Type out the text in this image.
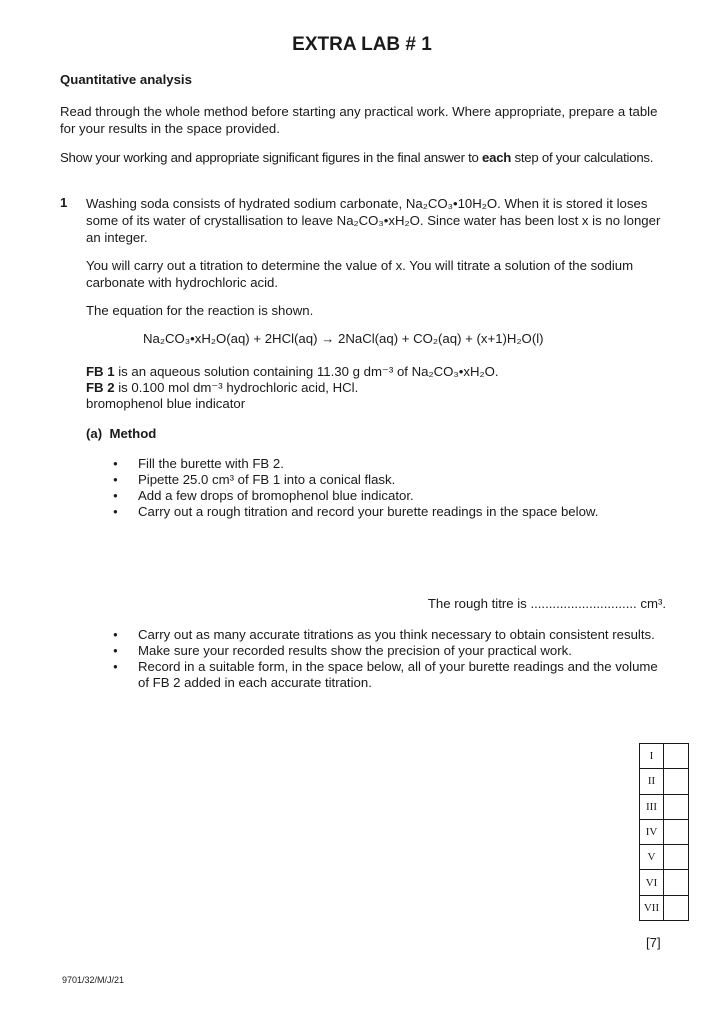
EXTRA LAB # 1
Quantitative analysis
Read through the whole method before starting any practical work. Where appropriate, prepare a table for your results in the space provided.
Show your working and appropriate significant figures in the final answer to each step of your calculations.
1 Washing soda consists of hydrated sodium carbonate, Na₂CO₃•10H₂O. When it is stored it loses some of its water of crystallisation to leave Na₂CO₃•xH₂O. Since water has been lost x is no longer an integer.
You will carry out a titration to determine the value of x. You will titrate a solution of the sodium carbonate with hydrochloric acid.
The equation for the reaction is shown.
Na₂CO₃•xH₂O(aq) + 2HCl(aq) → 2NaCl(aq) + CO₂(aq) + (x+1)H₂O(l)
FB 1 is an aqueous solution containing 11.30 g dm⁻³ of Na₂CO₃•xH₂O.
FB 2 is 0.100 mol dm⁻³ hydrochloric acid, HCl.
bromophenol blue indicator
(a) Method
● Fill the burette with FB 2.
● Pipette 25.0 cm³ of FB 1 into a conical flask.
● Add a few drops of bromophenol blue indicator.
● Carry out a rough titration and record your burette readings in the space below.
The rough titre is ............................. cm³.
● Carry out as many accurate titrations as you think necessary to obtain consistent results.
● Make sure your recorded results show the precision of your practical work.
● Record in a suitable form, in the space below, all of your burette readings and the volume of FB 2 added in each accurate titration.
I	
II	
III	
IV	
V	
VI	
VII	
[7]
9701/32/M/J/21
